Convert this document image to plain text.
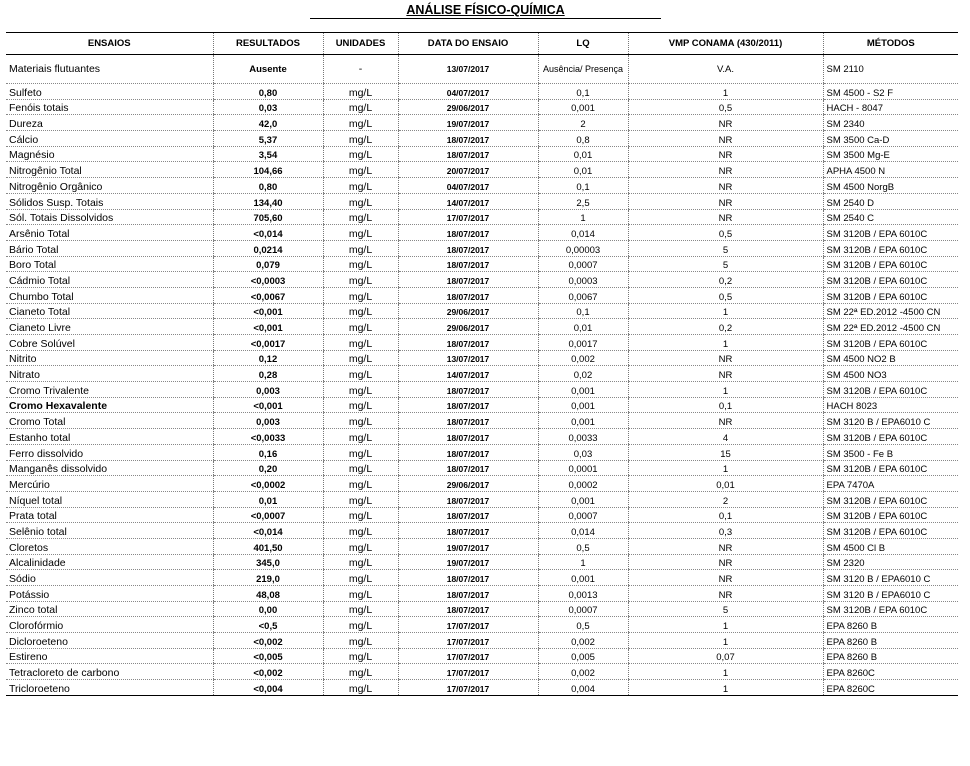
ANÁLISE FÍSICO-QUÍMICA
ENSAIOS	RESULTADOS	UNIDADES	DATA DO ENSAIO	LQ	VMP CONAMA (430/2011)	MÉTODOS
Materiais flutuantes	Ausente	-	13/07/2017	Ausência/ Presença	V.A.	SM 2110
Sulfeto	0,80	mg/L	04/07/2017	0,1	1	SM 4500 - S2 F
Fenóis totais	0,03	mg/L	29/06/2017	0,001	0,5	HACH - 8047
Dureza	42,0	mg/L	19/07/2017	2	NR	SM 2340
Cálcio	5,37	mg/L	18/07/2017	0,8	NR	SM 3500 Ca-D
Magnésio	3,54	mg/L	18/07/2017	0,01	NR	SM 3500 Mg-E
Nitrogênio Total	104,66	mg/L	20/07/2017	0,01	NR	APHA 4500 N
Nitrogênio Orgânico	0,80	mg/L	04/07/2017	0,1	NR	SM 4500 NorgB
Sólidos Susp. Totais	134,40	mg/L	14/07/2017	2,5	NR	SM 2540 D
Sól. Totais Dissolvidos	705,60	mg/L	17/07/2017	1	NR	SM 2540 C
Arsênio Total	<0,014	mg/L	18/07/2017	0,014	0,5	SM 3120B / EPA 6010C
Bário Total	0,0214	mg/L	18/07/2017	0,00003	5	SM 3120B / EPA 6010C
Boro Total	0,079	mg/L	18/07/2017	0,0007	5	SM 3120B / EPA 6010C
Cádmio Total	<0,0003	mg/L	18/07/2017	0,0003	0,2	SM 3120B / EPA 6010C
Chumbo Total	<0,0067	mg/L	18/07/2017	0,0067	0,5	SM 3120B / EPA 6010C
Cianeto Total	<0,001	mg/L	29/06/2017	0,1	1	SM 22ª ED.2012 -4500 CN
Cianeto Livre	<0,001	mg/L	29/06/2017	0,01	0,2	SM 22ª ED.2012 -4500 CN
Cobre Solúvel	<0,0017	mg/L	18/07/2017	0,0017	1	SM 3120B / EPA 6010C
Nitrito	0,12	mg/L	13/07/2017	0,002	NR	SM 4500 NO2 B
Nitrato	0,28	mg/L	14/07/2017	0,02	NR	SM 4500 NO3
Cromo Trivalente	0,003	mg/L	18/07/2017	0,001	1	SM 3120B / EPA 6010C
Cromo Hexavalente	<0,001	mg/L	18/07/2017	0,001	0,1	HACH 8023
Cromo Total	0,003	mg/L	18/07/2017	0,001	NR	SM 3120 B / EPA6010 C
Estanho total	<0,0033	mg/L	18/07/2017	0,0033	4	SM 3120B / EPA 6010C
Ferro dissolvido	0,16	mg/L	18/07/2017	0,03	15	SM 3500 - Fe B
Manganês dissolvido	0,20	mg/L	18/07/2017	0,0001	1	SM 3120B / EPA 6010C
Mercúrio	<0,0002	mg/L	29/06/2017	0,0002	0,01	EPA 7470A
Níquel total	0,01	mg/L	18/07/2017	0,001	2	SM 3120B / EPA 6010C
Prata total	<0,0007	mg/L	18/07/2017	0,0007	0,1	SM 3120B / EPA 6010C
Selênio total	<0,014	mg/L	18/07/2017	0,014	0,3	SM 3120B / EPA 6010C
Cloretos	401,50	mg/L	19/07/2017	0,5	NR	SM 4500 Cl B
Alcalinidade	345,0	mg/L	19/07/2017	1	NR	SM 2320
Sódio	219,0	mg/L	18/07/2017	0,001	NR	SM 3120 B / EPA6010 C
Potássio	48,08	mg/L	18/07/2017	0,0013	NR	SM 3120 B / EPA6010 C
Zinco total	0,00	mg/L	18/07/2017	0,0007	5	SM 3120B / EPA 6010C
Clorofórmio	<0,5	mg/L	17/07/2017	0,5	1	EPA 8260 B
Dicloroeteno	<0,002	mg/L	17/07/2017	0,002	1	EPA 8260 B
Estireno	<0,005	mg/L	17/07/2017	0,005	0,07	EPA 8260 B
Tetracloreto de carbono	<0,002	mg/L	17/07/2017	0,002	1	EPA 8260C
Tricloroeteno	<0,004	mg/L	17/07/2017	0,004	1	EPA 8260C
